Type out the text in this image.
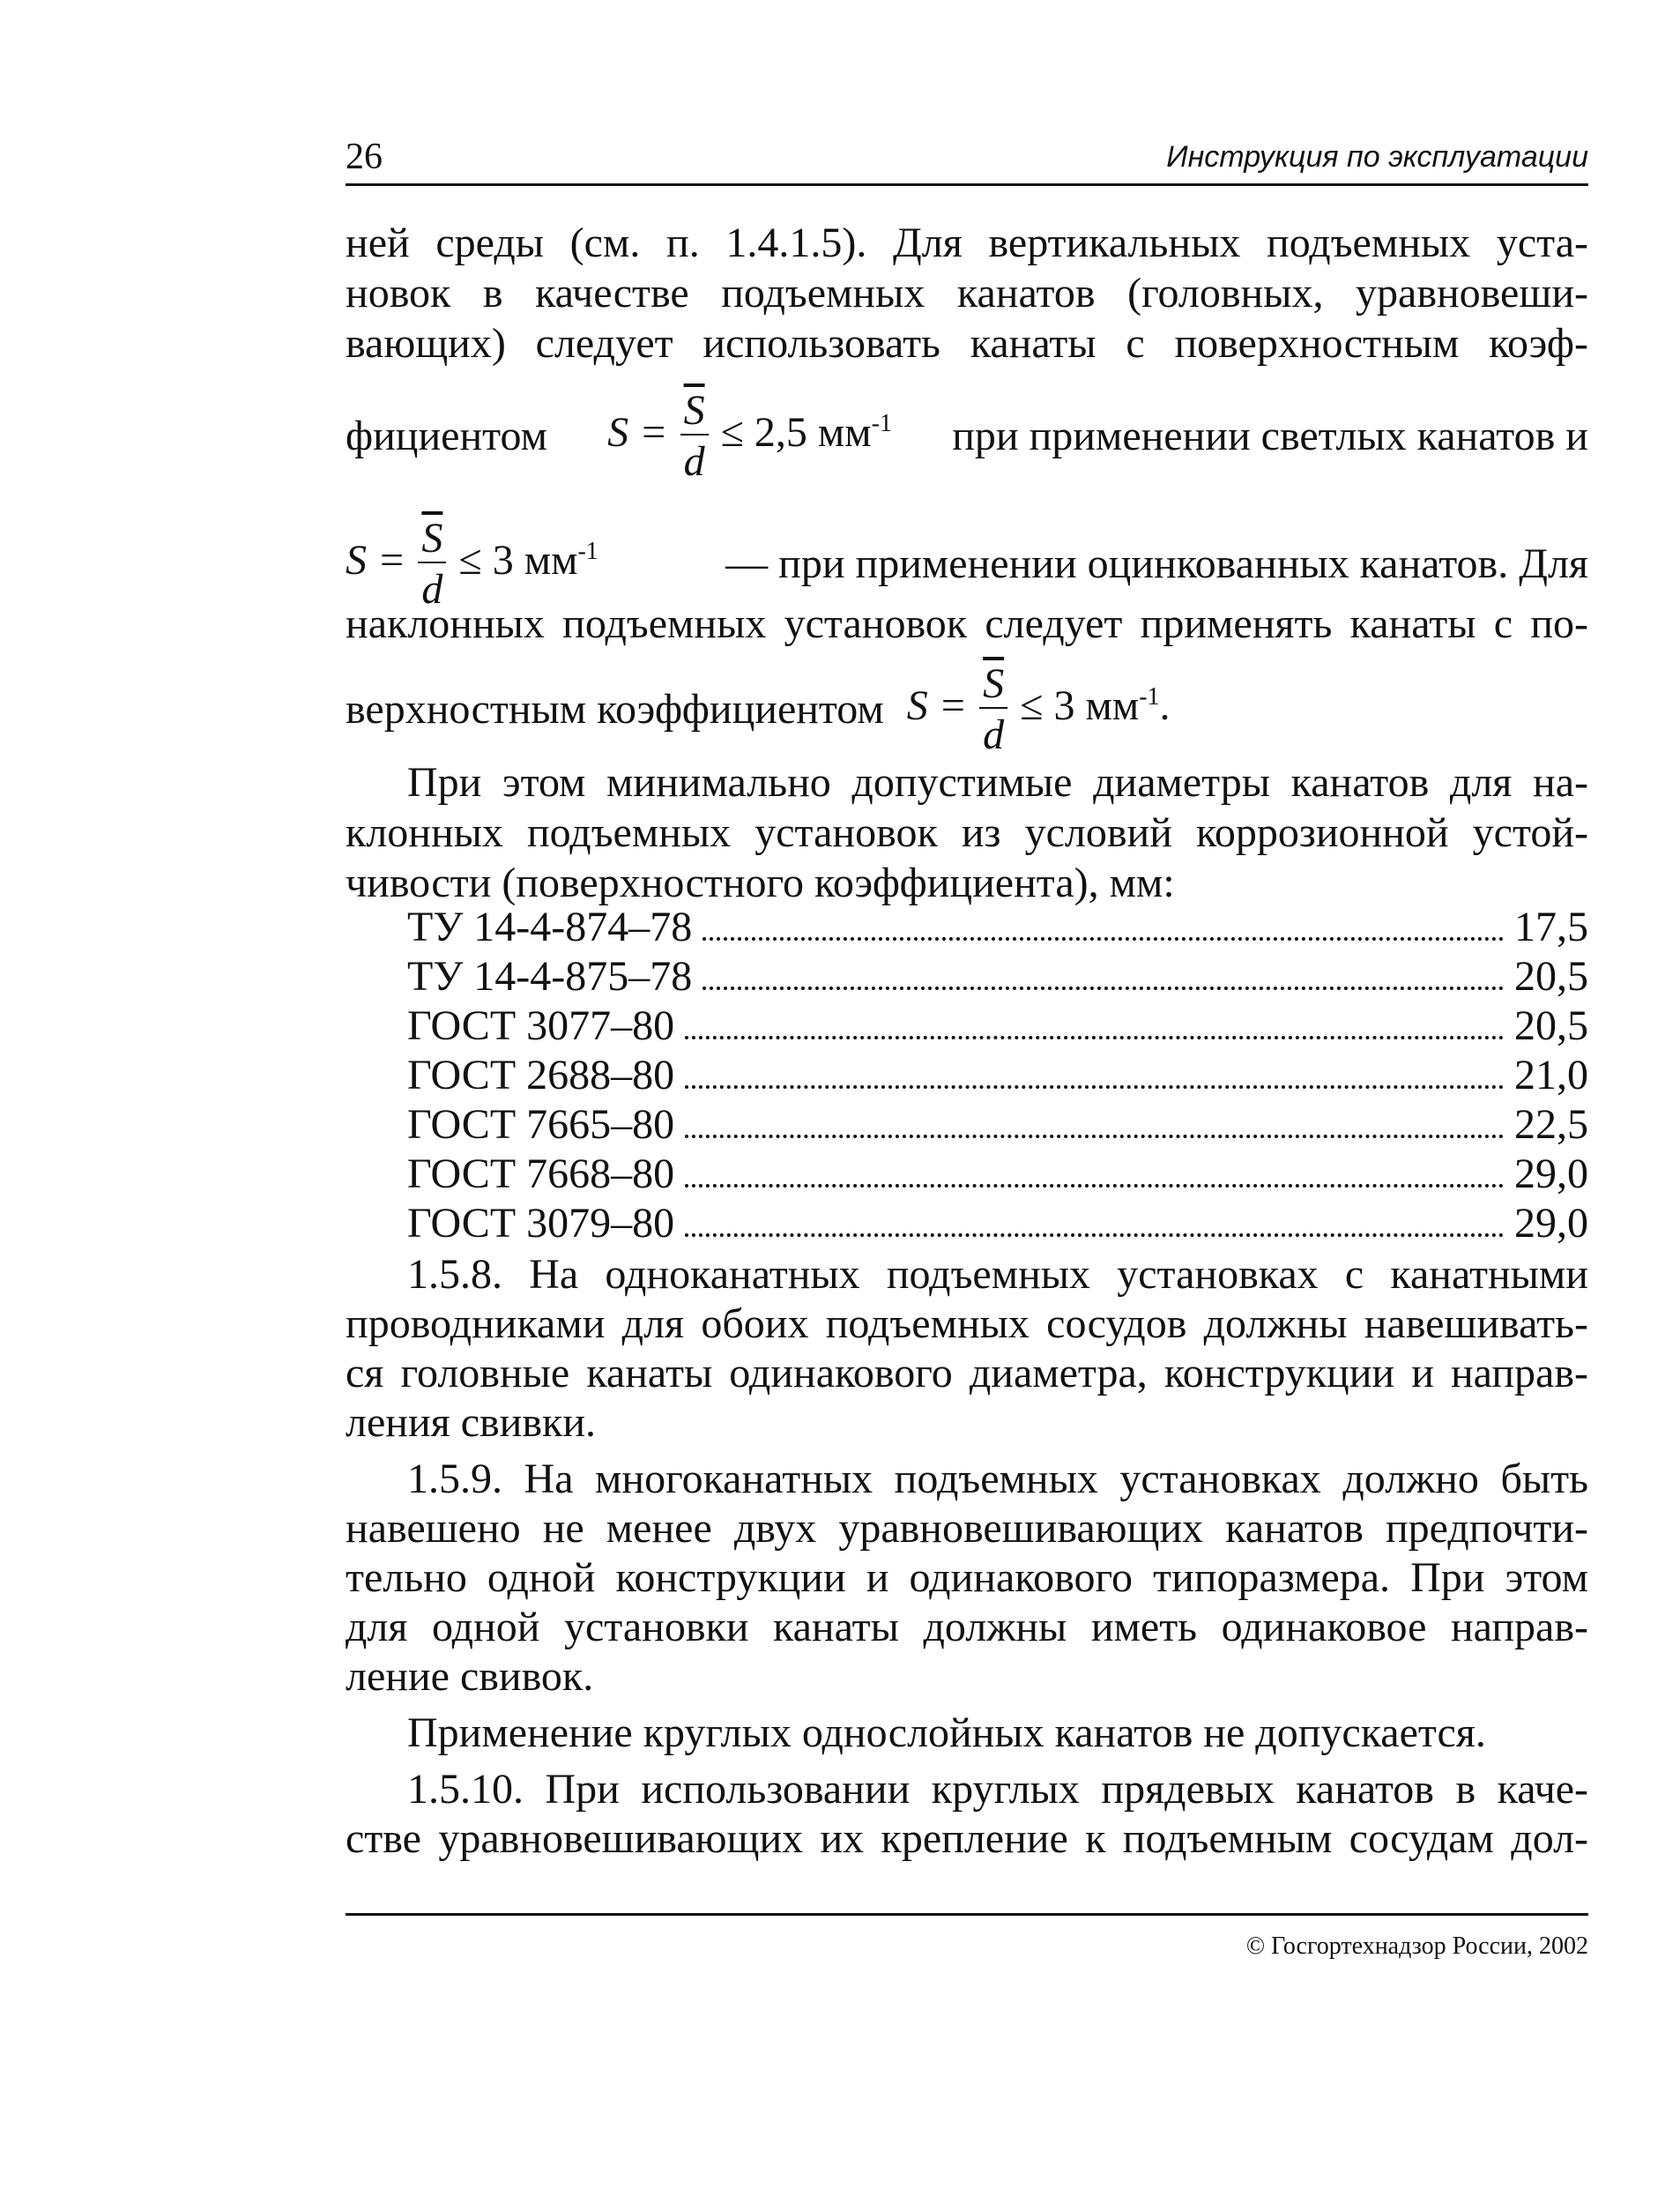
26	Инструкция по эксплуатации
ней среды (см. п. 1.4.1.5). Для вертикальных подъемных уста-
новок в качестве подъемных канатов (головных, уравновеши-
вающих) следует использовать канаты с поверхностным коэф-
фициентом $S = \frac{\overline{S}}{d} \le 2,5$ $мм^{-1}$ при применении светлых канатов и
$S = \frac{\overline{S}}{d} \le 3$ $мм^{-1}$	— при применении оцинкованных канатов. Для
наклонных подъемных установок следует применять канаты с по-
верхностным коэффициентом $S = \frac{\overline{S}}{d} \le 3$ $мм^{-1}$.
При этом минимально допустимые диаметры канатов для на-
клонных подъемных установок из условий коррозионной устой-
чивости (поверхностного коэффициента), мм:
ТУ 14-4-874–78	17,5
ТУ 14-4-875–78	20,5
ГОСТ 3077–80	20,5
ГОСТ 2688–80	21,0
ГОСТ 7665–80	22,5
ГОСТ 7668–80	29,0
ГОСТ 3079–80	29,0
1.5.8. На одноканатных подъемных установках с канатными
проводниками для обоих подъемных сосудов должны навешивать-
ся головные канаты одинакового диаметра, конструкции и направ-
ления свивки.
1.5.9. На многоканатных подъемных установках должно быть
навешено не менее двух уравновешивающих канатов предпочти-
тельно одной конструкции и одинакового типоразмера. При этом
для одной установки канаты должны иметь одинаковое направ-
ление свивок.
Применение круглых однослойных канатов не допускается.
1.5.10. При использовании круглых прядевых канатов в каче-
стве уравновешивающих их крепление к подъемным сосудам дол-
© Госгортехнадзор России, 2002
